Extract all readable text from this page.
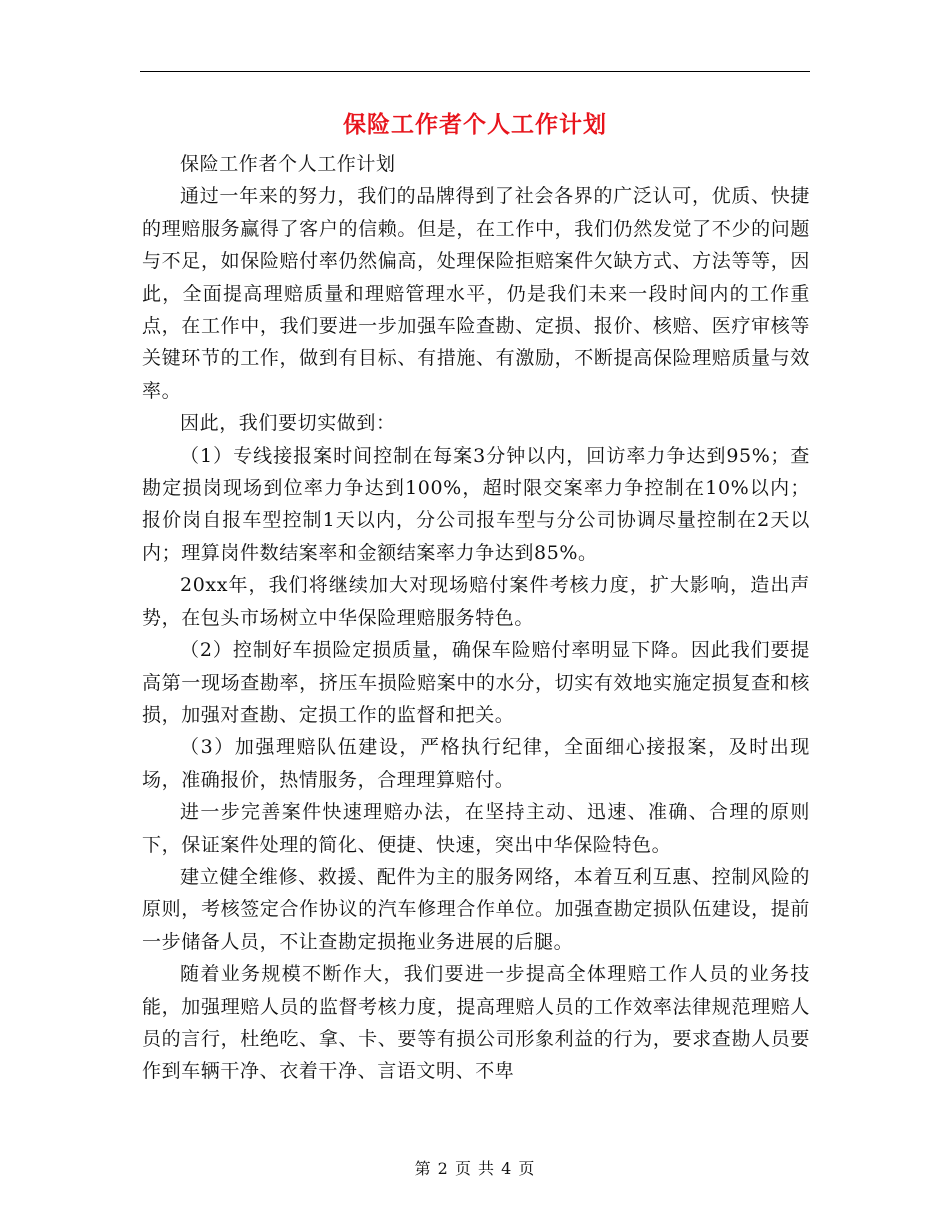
保险工作者个人工作计划

保险工作者个人工作计划

通过一年来的努力，我们的品牌得到了社会各界的广泛认可，优质、快捷的理赔服务赢得了客户的信赖。但是，在工作中，我们仍然发觉了不少的问题与不足，如保险赔付率仍然偏高，处理保险拒赔案件欠缺方式、方法等等，因此，全面提高理赔质量和理赔管理水平，仍是我们未来一段时间内的工作重点，在工作中，我们要进一步加强车险查勘、定损、报价、核赔、医疗审核等关键环节的工作，做到有目标、有措施、有激励，不断提高保险理赔质量与效率。

因此，我们要切实做到：

（1）专线接报案时间控制在每案3分钟以内，回访率力争达到95%；查勘定损岗现场到位率力争达到100%，超时限交案率力争控制在10%以内；报价岗自报车型控制1天以内，分公司报车型与分公司协调尽量控制在2天以内；理算岗件数结案率和金额结案率力争达到85%。

20xx年，我们将继续加大对现场赔付案件考核力度，扩大影响，造出声势，在包头市场树立中华保险理赔服务特色。

（2）控制好车损险定损质量，确保车险赔付率明显下降。因此我们要提高第一现场查勘率，挤压车损险赔案中的水分，切实有效地实施定损复查和核损，加强对查勘、定损工作的监督和把关。

（3）加强理赔队伍建设，严格执行纪律，全面细心接报案，及时出现场，准确报价，热情服务，合理理算赔付。

进一步完善案件快速理赔办法，在坚持主动、迅速、准确、合理的原则下，保证案件处理的简化、便捷、快速，突出中华保险特色。

建立健全维修、救援、配件为主的服务网络，本着互利互惠、控制风险的原则，考核签定合作协议的汽车修理合作单位。加强查勘定损队伍建设，提前一步储备人员，不让查勘定损拖业务进展的后腿。

随着业务规模不断作大，我们要进一步提高全体理赔工作人员的业务技能，加强理赔人员的监督考核力度，提高理赔人员的工作效率法律规范理赔人员的言行，杜绝吃、拿、卡、要等有损公司形象利益的行为，要求查勘人员要作到车辆干净、衣着干净、言语文明、不卑

第 2 页 共 4 页
